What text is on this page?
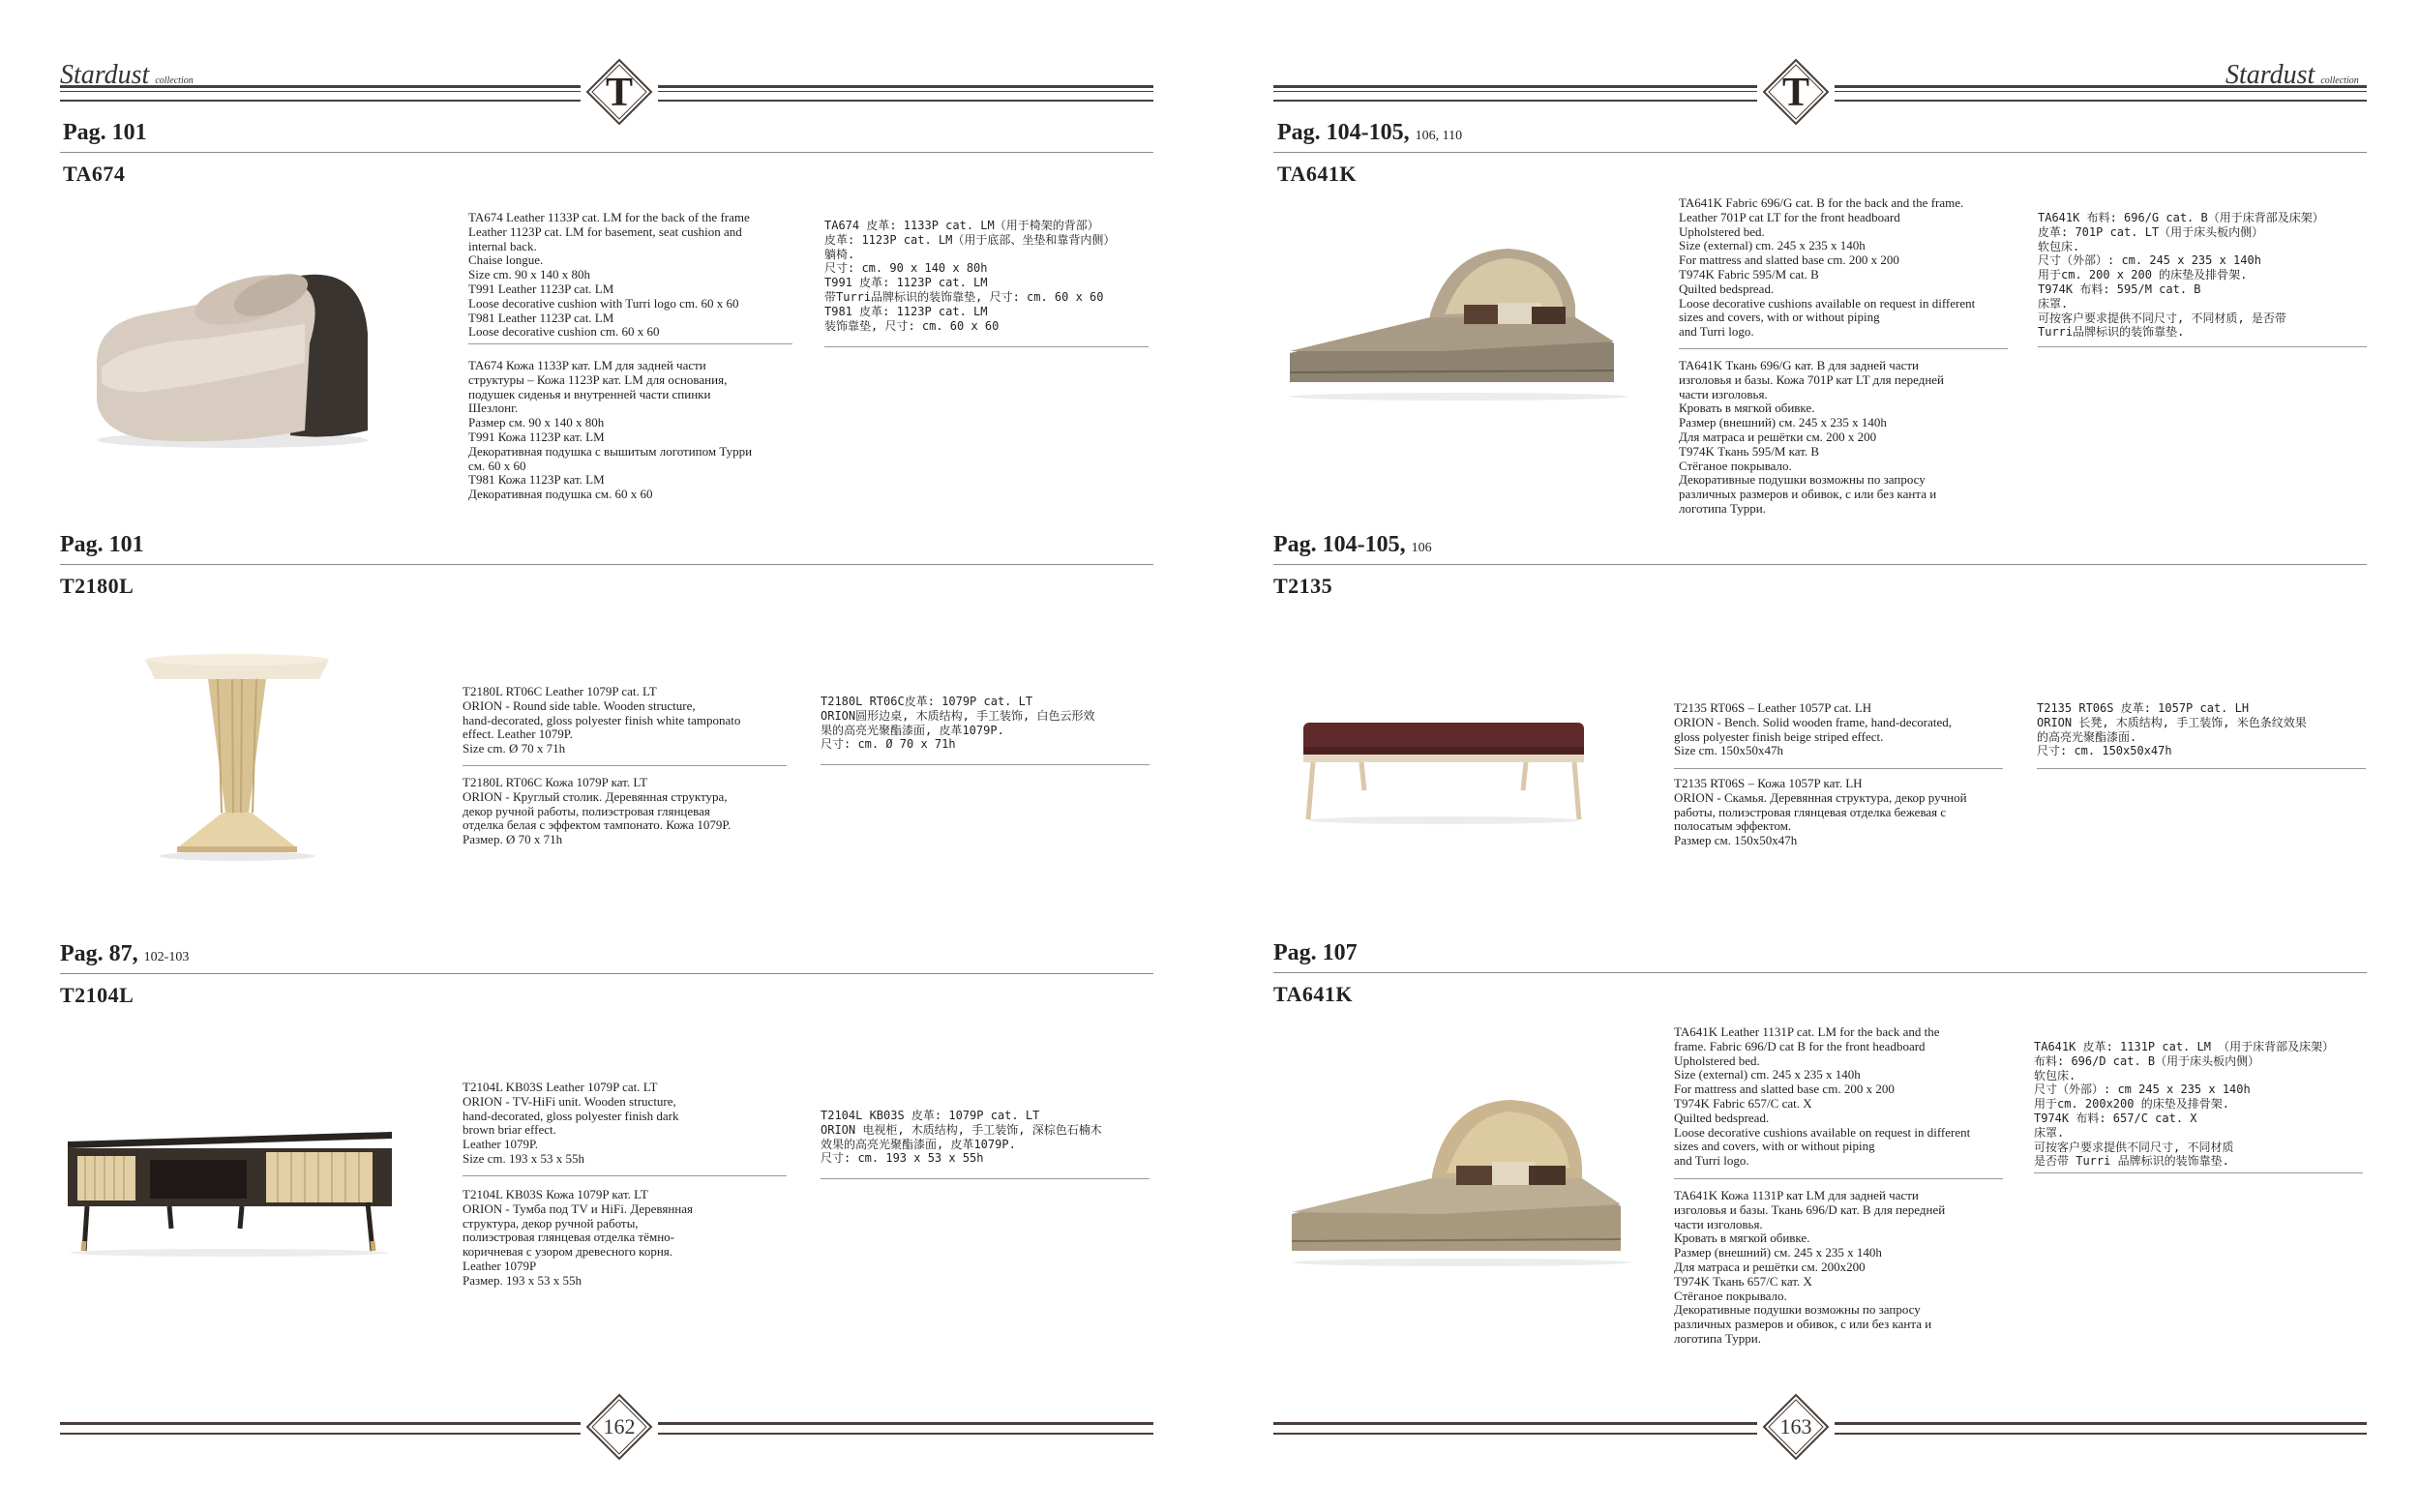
Stardust collection	T
Pag. 101
TA674
TA674 Leather 1133P cat. LM for the back of the frame
Leather 1123P cat. LM for basement, seat cushion and
internal back.
Chaise longue.
Size cm. 90 x 140 x 80h
T991 Leather 1123P cat. LM
Loose decorative cushion with Turri logo cm. 60 x 60
T981 Leather 1123P cat. LM
Loose decorative cushion cm. 60 x 60
TA674 Кожа 1133P кат. LM для задней части
структуры – Кожа 1123P кат. LM для основания,
подушек сиденья и внутренней части спинки
Шезлонг.
Размер см. 90 x 140 x 80h
T991 Кожа 1123P кат. LM
Декоративная подушка с вышитым логотипом Турри
см. 60 x 60
T981 Кожа 1123P кат. LM
Декоративная подушка см. 60 x 60
TA674 皮革: 1133P cat. LM（用于椅架的背部）
皮革: 1123P cat. LM（用于底部、坐垫和靠背内侧）
躺椅.
尺寸: cm. 90 x 140 x 80h
T991 皮革: 1123P cat. LM
带Turri品牌标识的装饰靠垫, 尺寸: cm. 60 x 60
T981 皮革: 1123P cat. LM
装饰靠垫, 尺寸: cm. 60 x 60
Pag. 101
T2180L
T2180L RT06C Leather 1079P cat. LT
ORION - Round side table. Wooden structure,
hand-decorated, gloss polyester finish white tamponato
effect. Leather 1079P.
Size cm. Ø 70 x 71h
T2180L RT06C Кожа 1079P кат. LT
ORION - Круглый столик. Деревянная структура,
декор ручной работы, полиэстровая глянцевая
отделка белая с эффектом тампонато. Кожа 1079P.
Размер. Ø 70 x 71h
T2180L RT06C皮革: 1079P cat. LT
ORION圆形边桌, 木质结构, 手工装饰, 白色云形效
果的高亮光聚酯漆面, 皮革1079P.
尺寸: cm. Ø 70 x 71h
Pag. 87, 102-103
T2104L
T2104L KB03S Leather 1079P cat. LT
ORION - TV-HiFi unit. Wooden structure,
hand-decorated, gloss polyester finish dark
brown briar effect.
Leather 1079P.
Size cm. 193 x 53 x 55h
T2104L KB03S Кожа 1079P кат. LT
ORION - Тумба под TV и HiFi. Деревянная
структура, декор ручной работы,
полиэстровая глянцевая отделка тёмно-
коричневая с узором древесного корня.
Leather 1079P
Размер. 193 x 53 x 55h
T2104L KB03S 皮革: 1079P cat. LT
ORION 电视柜, 木质结构, 手工装饰, 深棕色石楠木
效果的高亮光聚酯漆面, 皮革1079P.
尺寸: cm. 193 x 53 x 55h
162
Stardust collection
T
Pag. 104-105, 106, 110
TA641K
TA641K Fabric 696/G cat. B for the back and the frame.
Leather 701P cat LT for the front headboard
Upholstered bed.
Size (external) cm. 245 x 235 x 140h
For mattress and slatted base cm. 200 x 200
T974K Fabric 595/M cat. B
Quilted bedspread.
Loose decorative cushions available on request in different
sizes and covers, with or without piping
and Turri logo.
TA641K Ткань 696/G кат. B для задней части
изголовья и базы. Кожа 701P кат LT для передней
части изголовья.
Кровать в мягкой обивке.
Размер (внешний) см. 245 x 235 x 140h
Для матраса и решётки см. 200 x 200
T974K Ткань 595/M кат. B
Стёганое покрывало.
Декоративные подушки возможны по запросу
различных размеров и обивок, с или без канта и
логотипа Турри.
TA641K 布料: 696/G cat. B（用于床背部及床架）
皮革: 701P cat. LT（用于床头板内侧）
软包床.
尺寸（外部）: cm. 245 x 235 x 140h
用于cm. 200 x 200 的床垫及排骨架.
T974K 布料: 595/M cat. B
床罩.
可按客户要求提供不同尺寸, 不同材质, 是否带
Turri品牌标识的装饰靠垫.
Pag. 104-105, 106
T2135
T2135 RT06S – Leather 1057P cat. LH
ORION - Bench. Solid wooden frame, hand-decorated,
gloss polyester finish beige striped effect.
Size cm. 150x50x47h
T2135 RT06S – Кожа 1057P кат. LH
ORION - Скамья. Деревянная структура, декор ручной
работы, полиэстровая глянцевая отделка бежевая с
полосатым эффектом.
Размер см. 150x50x47h
T2135 RT06S 皮革: 1057P cat. LH
ORION 长凳, 木质结构, 手工装饰, 米色条纹效果
的高亮光聚酯漆面.
尺寸: cm. 150x50x47h
Pag. 107
TA641K
TA641K Leather 1131P cat. LM for the back and the
frame. Fabric 696/D cat B for the front headboard
Upholstered bed.
Size (external) cm. 245 x 235 x 140h
For mattress and slatted base cm. 200 x 200
T974K Fabric 657/C cat. X
Quilted bedspread.
Loose decorative cushions available on request in different
sizes and covers, with or without piping
and Turri logo.
TA641K Кожа 1131P кат LM для задней части
изголовья и базы. Ткань 696/D кат. B для передней
части изголовья.
Кровать в мягкой обивке.
Размер (внешний) см. 245 x 235 x 140h
Для матраса и решётки см. 200x200
T974K Ткань 657/C кат. X
Стёганое покрывало.
Декоративные подушки возможны по запросу
различных размеров и обивок, с или без канта и
логотипа Турри.
TA641K 皮革: 1131P cat. LM （用于床背部及床架）
布料: 696/D cat. B（用于床头板内侧）
软包床.
尺寸（外部）: cm 245 x 235 x 140h
用于cm. 200x200 的床垫及排骨架.
T974K 布料: 657/C cat. X
床罩.
可按客户要求提供不同尺寸, 不同材质
是否带 Turri 品牌标识的装饰靠垫.
163
